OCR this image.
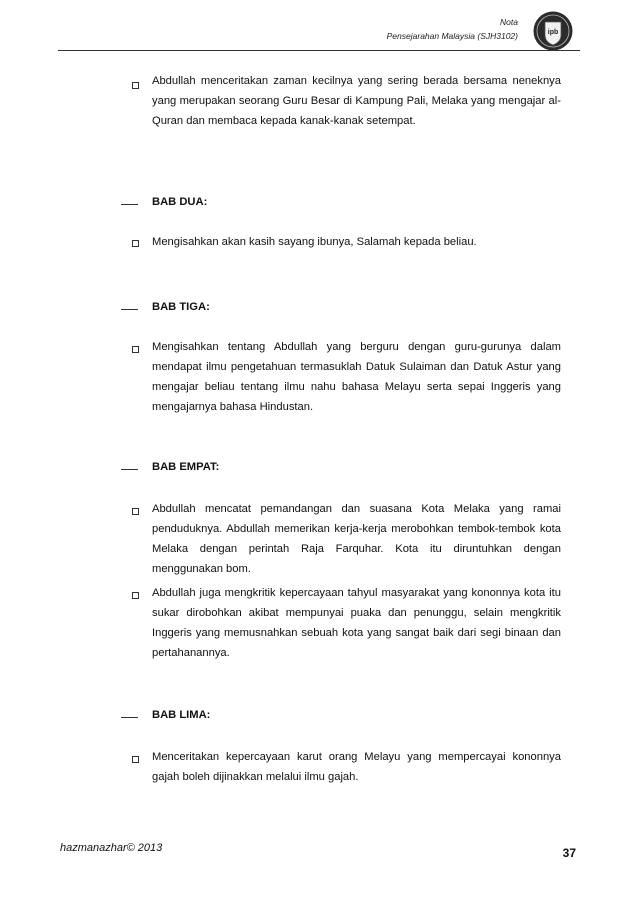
Nota
Pensejarahan Malaysia (SJH3102)	ipb
Abdullah menceritakan zaman kecilnya yang sering berada bersama neneknya yang merupakan seorang Guru Besar di Kampung Pali, Melaka yang mengajar al-Quran dan membaca kepada kanak-kanak setempat.
BAB DUA:
Mengisahkan akan kasih sayang ibunya, Salamah kepada beliau.
BAB TIGA:
Mengisahkan tentang Abdullah yang berguru dengan guru-gurunya dalam mendapat ilmu pengetahuan termasuklah Datuk Sulaiman dan Datuk Astur yang mengajar beliau tentang ilmu nahu bahasa Melayu serta sepai Inggeris yang mengajarnya bahasa Hindustan.
BAB EMPAT:
Abdullah mencatat pemandangan dan suasana Kota Melaka yang ramai penduduknya. Abdullah memerikan kerja-kerja merobohkan tembok-tembok kota Melaka dengan perintah Raja Farquhar. Kota itu diruntuhkan dengan menggunakan bom.
Abdullah juga mengkritik kepercayaan tahyul masyarakat yang kononnya kota itu sukar dirobohkan akibat mempunyai puaka dan penunggu, selain mengkritik Inggeris yang memusnahkan sebuah kota yang sangat baik dari segi binaan dan pertahanannya.
BAB LIMA:
Menceritakan kepercayaan karut orang Melayu yang mempercayai kononnya gajah boleh dijinakkan melalui ilmu gajah.
hazmanazhar© 2013	37
